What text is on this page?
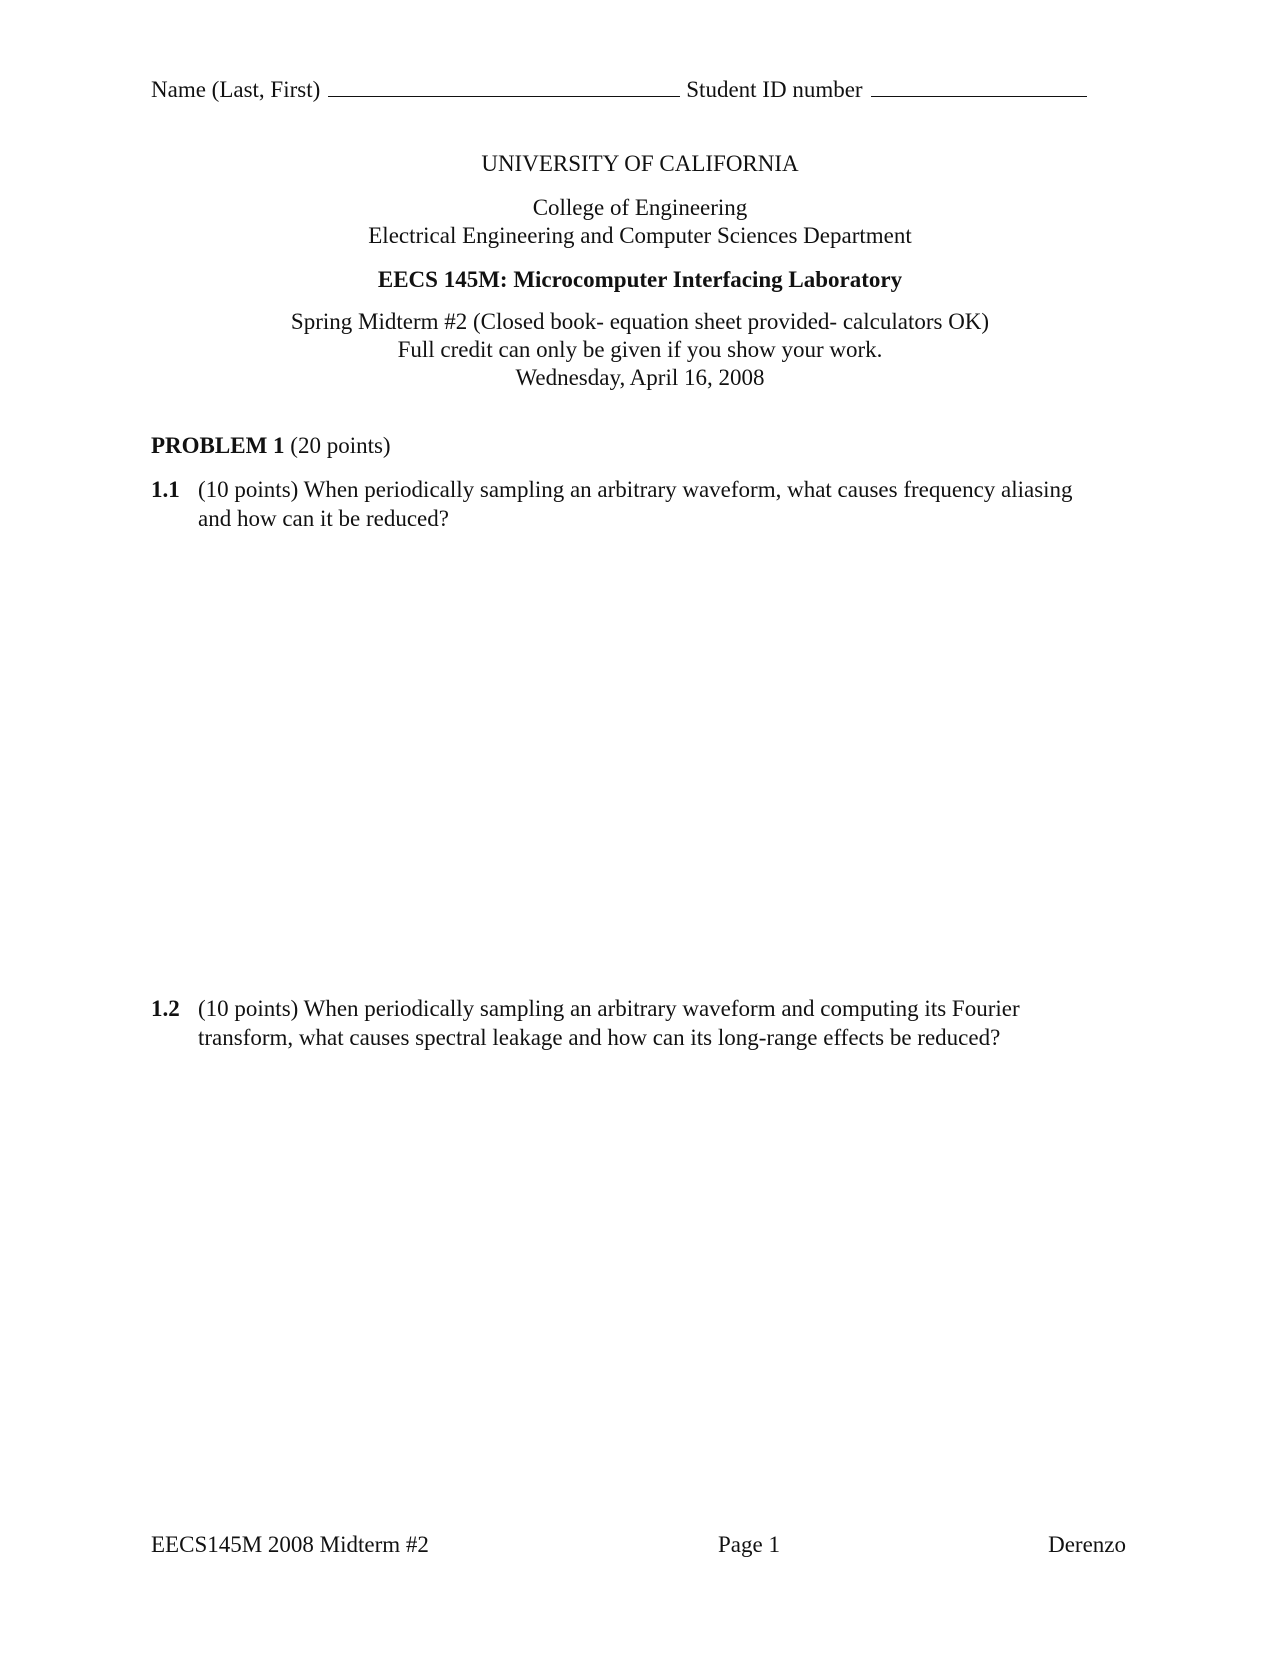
Name (Last, First)	Student ID number
UNIVERSITY OF CALIFORNIA
College of Engineering
Electrical Engineering and Computer Sciences Department
EECS 145M: Microcomputer Interfacing Laboratory
Spring Midterm #2 (Closed book- equation sheet provided- calculators OK)
Full credit can only be given if you show your work.
Wednesday, April 16, 2008
PROBLEM 1 (20 points)
1.1 (10 points) When periodically sampling an arbitrary waveform, what causes frequency aliasing and how can it be reduced?
1.2 (10 points) When periodically sampling an arbitrary waveform and computing its Fourier transform, what causes spectral leakage and how can its long-range effects be reduced?
EECS145M 2008 Midterm #2	Page 1	Derenzo
